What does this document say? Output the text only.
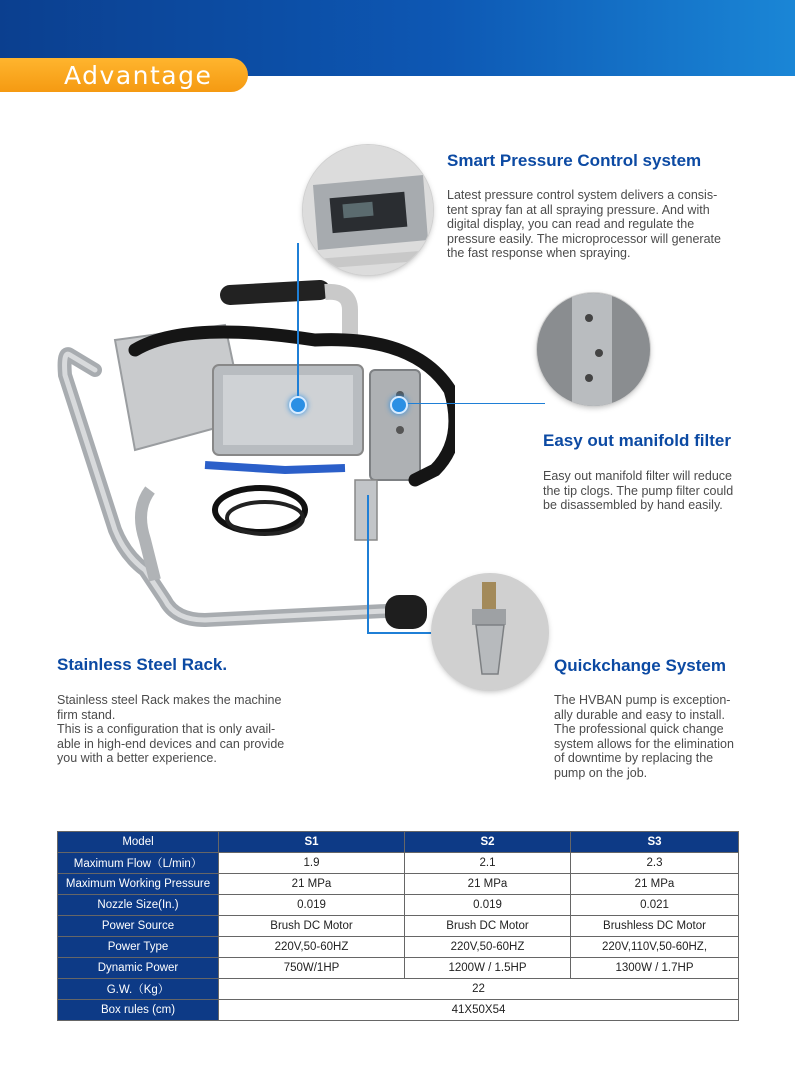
Advantage
Smart Pressure Control system
Latest pressure control system delivers a consis-
tent spray fan at all spraying pressure. And with
digital display, you can read and regulate the
pressure easily. The microprocessor will generate
the fast response when spraying.
Easy out manifold filter
Easy out manifold filter will reduce
the tip clogs. The pump filter could
be disassembled by hand easily.
Stainless Steel Rack.
Stainless steel Rack makes the machine
firm stand.
This is a configuration that is only avail-
able in high-end devices and can provide
you with a better experience.
Quickchange System
The HVBAN pump is exception-
ally durable and easy to install.
The professional quick change
system allows for the elimination
of downtime by replacing the
pump on the job.
Model	S1	S2	S3
Maximum Flow（L/min）	1.9	2.1	2.3
Maximum Working Pressure	21 MPa	21 MPa	21 MPa
Nozzle Size(In.)	0.019	0.019	0.021
Power Source	Brush DC Motor	Brush DC Motor	Brushless DC Motor
Power Type	220V,50-60HZ	220V,50-60HZ	220V,110V,50-60HZ,
Dynamic Power	750W/1HP	1200W / 1.5HP	1300W / 1.7HP
G.W.（Kg）	22		
Box rules (cm)	41X50X54		
